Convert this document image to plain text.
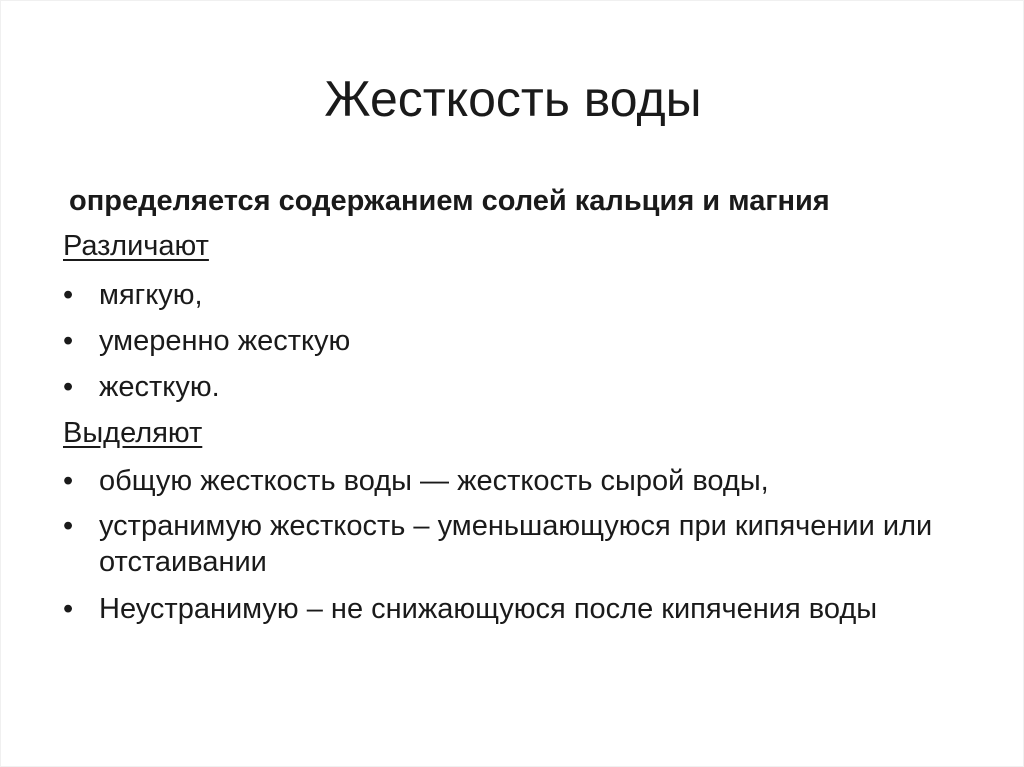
Жесткость воды
определяется содержанием солей кальция и магния
Различают
• мягкую,
• умеренно жесткую
• жесткую.
Выделяют
• общую жесткость воды — жесткость сырой воды,
• устранимую жесткость – уменьшающуюся при кипячении или отстаивании
• Неустранимую – не снижающуюся после кипячения воды
